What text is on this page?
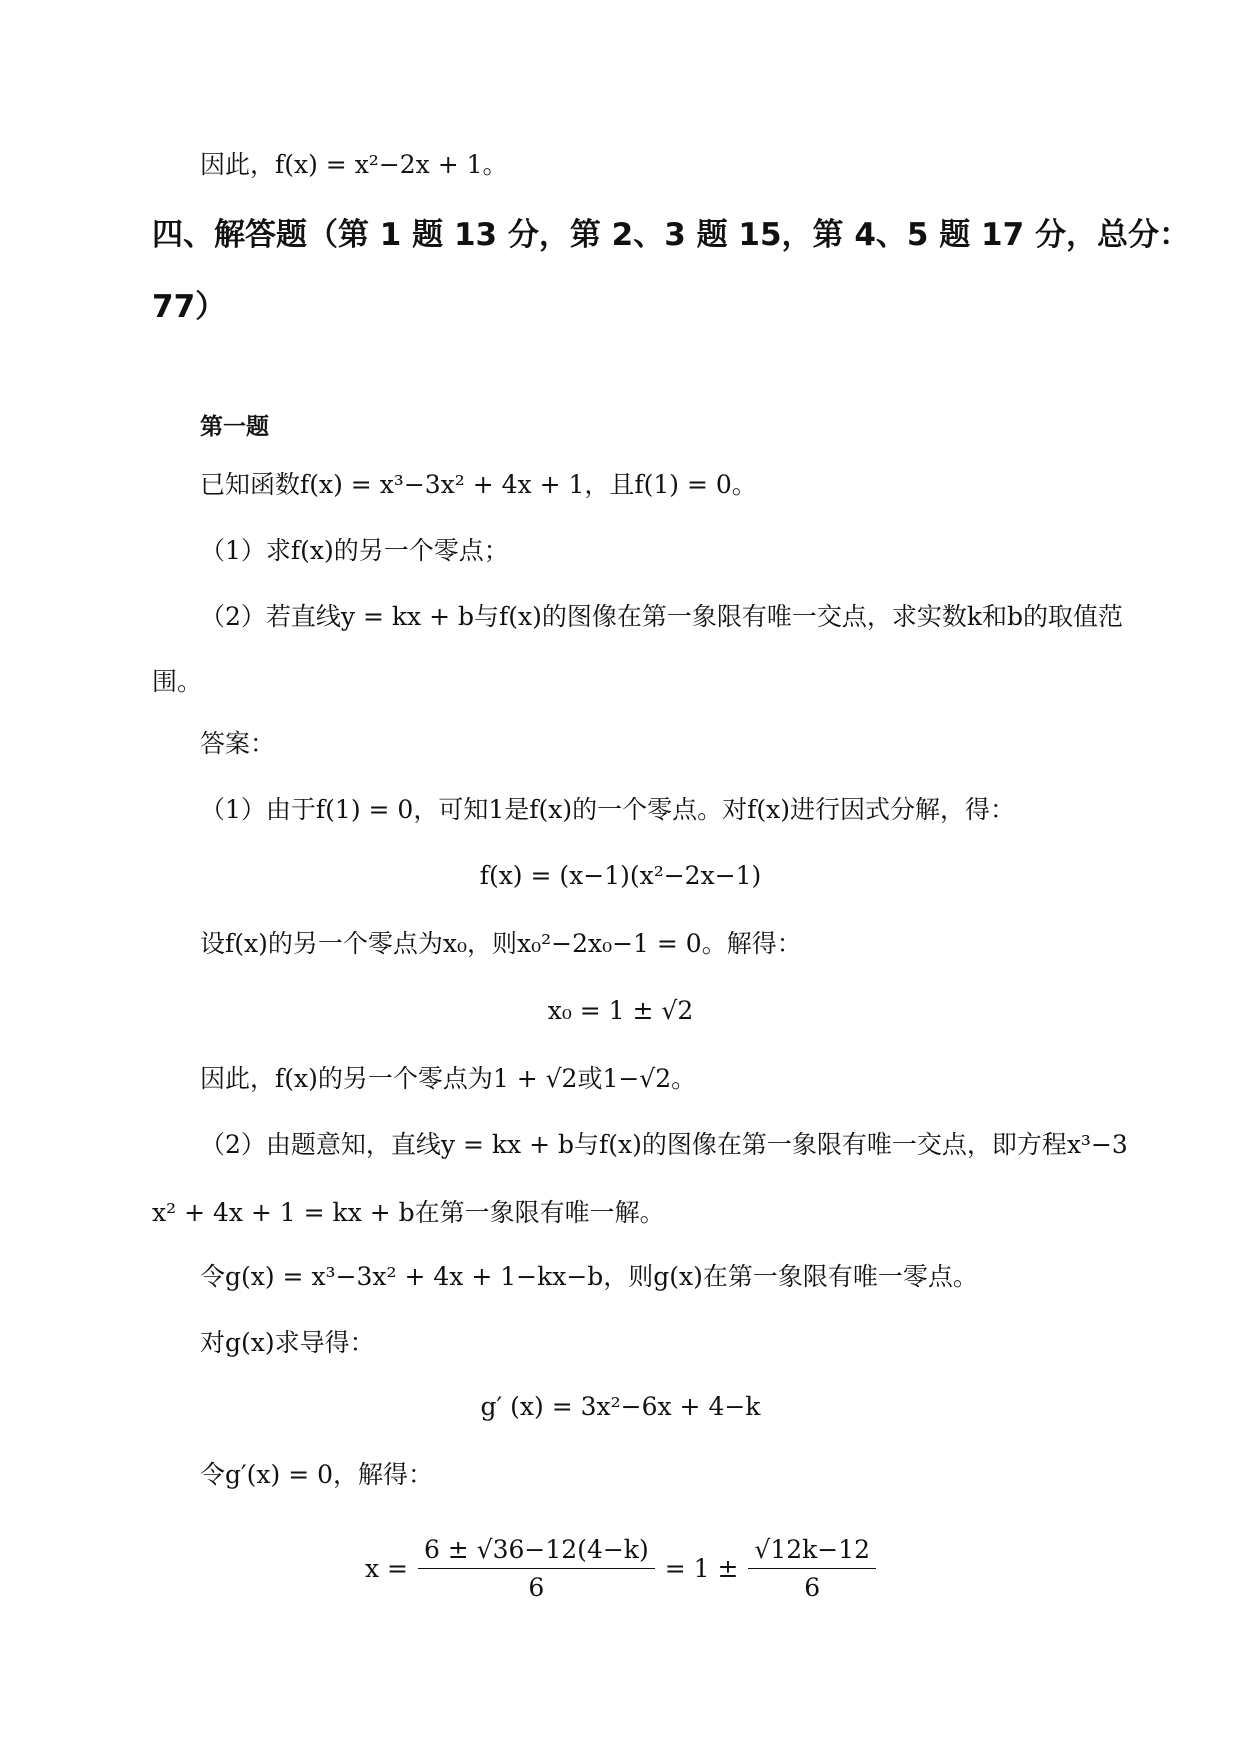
因此，f(x) = x²−2x + 1。
四、解答题（第 1 题 13 分，第 2、3 题 15，第 4、5 题 17 分，总分：
77）
第一题
已知函数f(x) = x³−3x² + 4x + 1，且f(1) = 0。
（1）求f(x)的另一个零点；
（2）若直线y = kx + b与f(x)的图像在第一象限有唯一交点，求实数k和b的取值范
围。
答案：
（1）由于f(1) = 0，可知1是f(x)的一个零点。对f(x)进行因式分解，得：
f(x) = (x−1)(x²−2x−1)
设f(x)的另一个零点为x₀，则x₀²−2x₀−1 = 0。解得：
x₀ = 1 ± √2
因此，f(x)的另一个零点为1 + √2或1−√2。
（2）由题意知，直线y = kx + b与f(x)的图像在第一象限有唯一交点，即方程x³−3
x² + 4x + 1 = kx + b在第一象限有唯一解。
令g(x) = x³−3x² + 4x + 1−kx−b，则g(x)在第一象限有唯一零点。
对g(x)求导得：
g′ (x) = 3x²−6x + 4−k
令g′(x) = 0，解得：
$x = \frac{6 \pm √36-12(4-k)}{6} = 1 \pm \frac{√12k-12}{6}$
